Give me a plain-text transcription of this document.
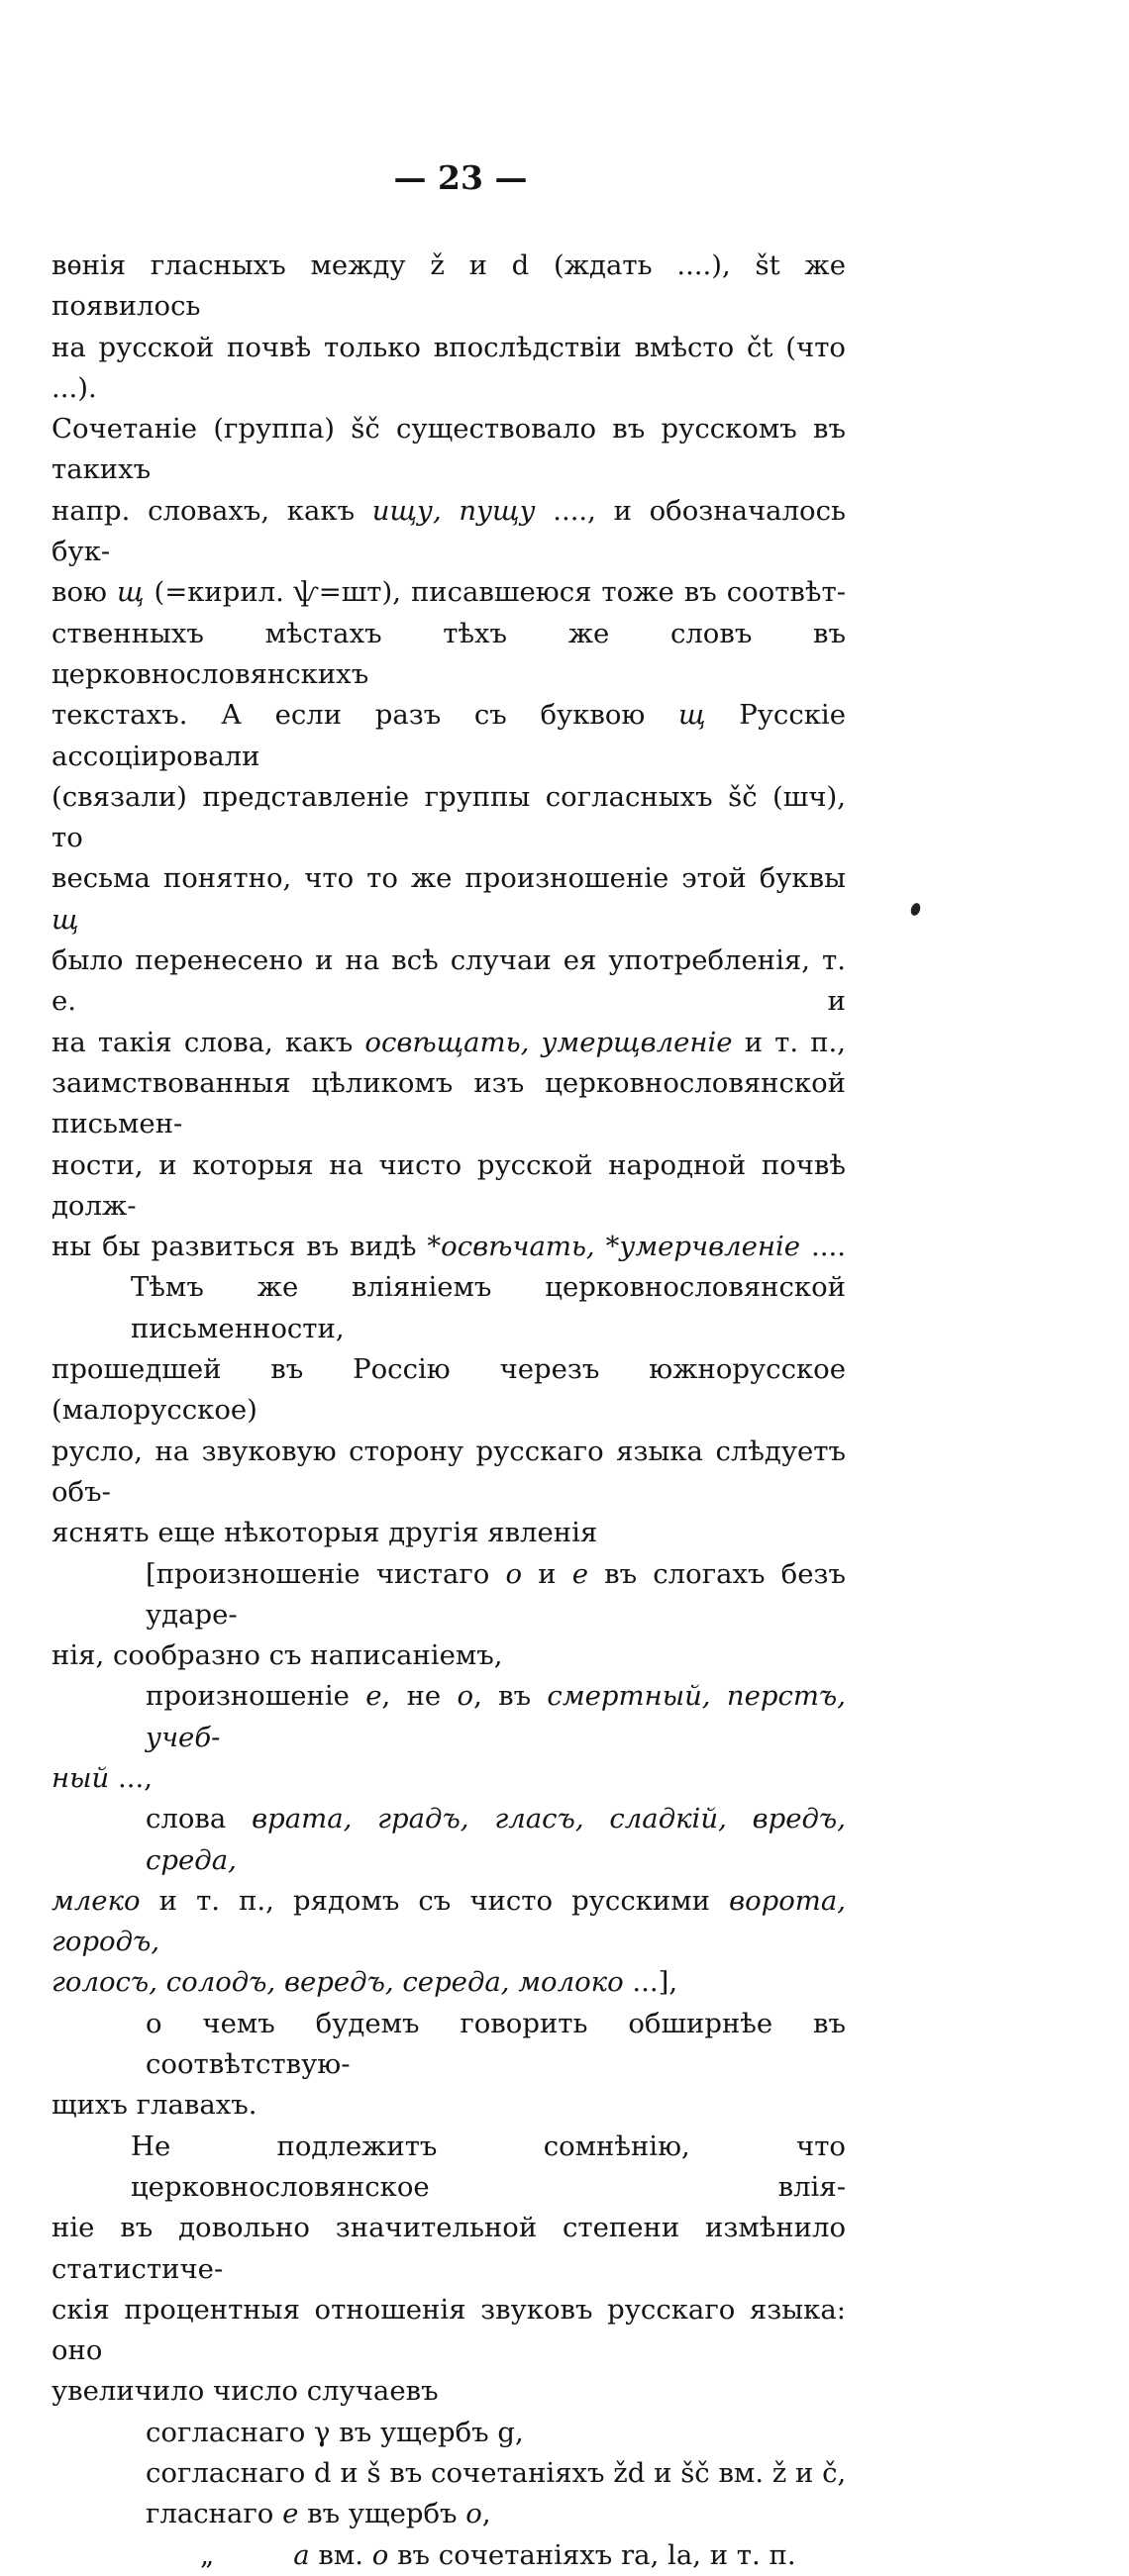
— 23 —
вѳнія гласныхъ между ž и d (ждать ....), št же появилось
на русской почвѣ только впослѣдствіи вмѣсто čt (что ...).
Сочетаніе (группа) šč существовало въ русскомъ въ такихъ
напр. словахъ, какъ ищу, пущу ...., и обозначалось бук-
вою щ (=кирил. ѱ=шт), писавшеюся тоже въ соотвѣт-
ственныхъ мѣстахъ тѣхъ же словъ въ церковнословянскихъ
текстахъ. А если разъ съ буквою щ Русскіе ассоціировали
(связали) представленіе группы согласныхъ šč (шч), то
весьма понятно, что то же произношеніе этой буквы щ
было перенесено и на всѣ случаи ея употребленія, т. е. и
на такія слова, какъ освѣщать, умерщвленіе и т. п.,
заимствованныя цѣликомъ изъ церковнословянской письмен-
ности, и которыя на чисто русской народной почвѣ долж-
ны бы развиться въ видѣ *освѣчать, *умерчвленіе ....
Тѣмъ же вліяніемъ церковнословянской письменности,
прошедшей въ Россію черезъ южнорусское (малорусское)
русло, на звуковую сторону русскаго языка слѣдуетъ объ-
яснять еще нѣкоторыя другія явленія
[произношеніе чистаго о и е въ слогахъ безъ ударе-
нія, сообразно съ написаніемъ,
произношеніе е, не о, въ смертный, перстъ, учеб-
ный ...,
слова врата, градъ, гласъ, сладкій, вредъ, среда,
млеко и т. п., рядомъ съ чисто русскими ворота, городъ,
голосъ, солодъ, вередъ, середа, молоко ...],
о чемъ будемъ говорить обширнѣе въ соотвѣтствую-
щихъ главахъ.
Не подлежитъ сомнѣнію, что церковнословянское влія-
ніе въ довольно значительной степени измѣнило статистиче-
скія процентныя отношенія звуковъ русскаго языка: оно
увеличило число случаевъ
согласнаго γ въ ущербъ g,
согласнаго d и š въ сочетаніяхъ žd и šč вм. ž и č,
гласнаго е въ ущербъ о,
„	а вм. о въ сочетаніяхъ ra, la, и т. п.
